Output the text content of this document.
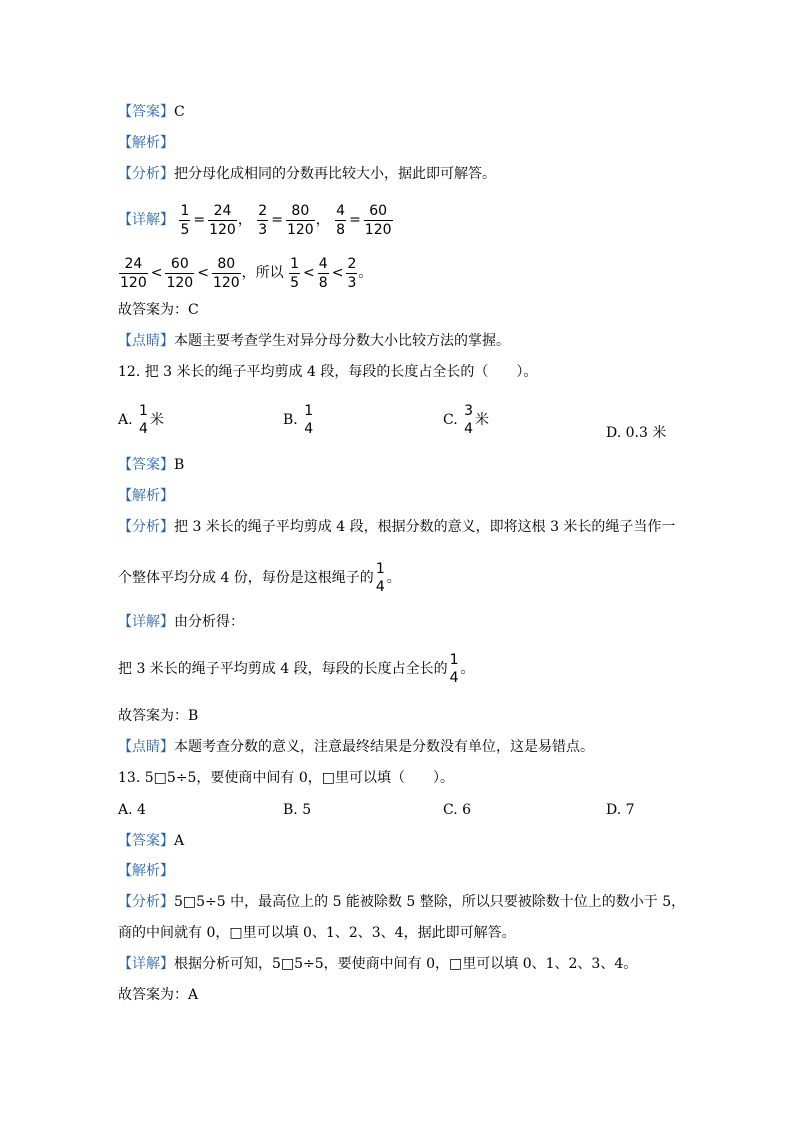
【答案】C
【解析】
【分析】把分母化成相同的分数再比较大小，据此即可解答。
【详解】 $\frac{1}{5} = \frac{24}{120}$ ， $\frac{2}{3} = \frac{80}{120}$ ， $\frac{4}{8} = \frac{60}{120}$
$\frac{24}{120} < \frac{60}{120} < \frac{80}{120}$ ，所以 $\frac{1}{5} < \frac{4}{8} < \frac{2}{3}$ 。
故答案为：C
【点睛】本题主要考查学生对异分母分数大小比较方法的掌握。
12. 把 3 米长的绳子平均剪成 4 段，每段的长度占全长的（　　）。
A.
1
4
米	B.
1
4
C.
3
4
米
D. 0.3 米
【答案】B
【解析】
【分析】把 3 米长的绳子平均剪成 4 段，根据分数的意义，即将这根 3 米长的绳子当作一
个整体平均分成 4 份，每份是这根绳子的
1
4
。
【详解】由分析得：
把 3 米长的绳子平均剪成 4 段，每段的长度占全长的
1
4
。
故答案为：B
【点睛】本题考查分数的意义，注意最终结果是分数没有单位，这是易错点。
13. 5□5÷5，要使商中间有 0，□里可以填（　　）。
A. 4	B. 5	C. 6	D. 7
【答案】A
【解析】
【分析】5□5÷5 中，最高位上的 5 能被除数 5 整除，所以只要被除数十位上的数小于 5，
商的中间就有 0，□里可以填 0、1、2、3、4，据此即可解答。
【详解】根据分析可知，5□5÷5，要使商中间有 0，□里可以填 0、1、2、3、4。
故答案为：A
